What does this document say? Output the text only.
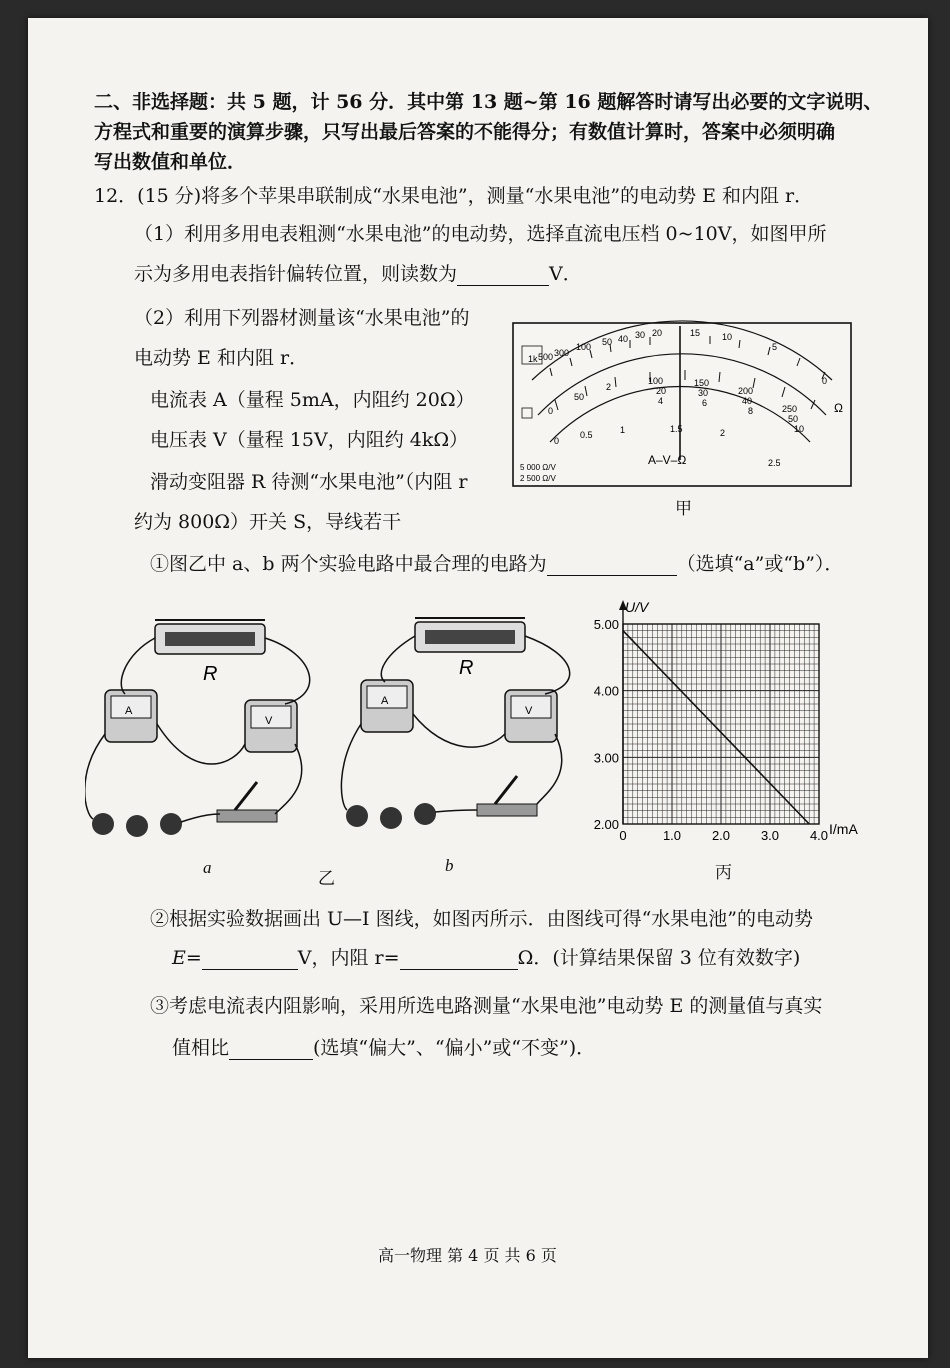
二、非选择题：共 5 题，计 56 分．其中第 13 题~第 16 题解答时请写出必要的文字说明、
方程式和重要的演算步骤，只写出最后答案的不能得分；有数值计算时，答案中必须明确
写出数值和单位．
12．(15 分)将多个苹果串联制成“水果电池”，测量“水果电池”的电动势 E 和内阻 r．
（1）利用多用电表粗测“水果电池”的电动势，选择直流电压档 0~10V，如图甲所
示为多用电表指针偏转位置，则读数为	V．
（2）利用下列器材测量该“水果电池”的
电动势 E 和内阻 r．
电流表 A（量程 5mA，内阻约 20Ω）
电压表 V（量程 15V，内阻约 4kΩ）
滑动变阻器 R 待测“水果电池”（内阻 r
约为 800Ω）开关 S，导线若干
1k 500 300
100 50 40 30 20	15 10
5
0
Ω
0
50
2
100
20
4
150
30
6
200
40
8	250
50
10
0
0.5	1	1.5	2
2.5
A–V–Ω
5 000 Ω/V
2 500 Ω/V
甲
①图乙中 a、b 两个实验电路中最合理的电路为	（选填“a”或“b”）．
R
A
V
R
A
V
a	b
乙
2.00
3.00
4.00
5.00
0	1.0 2.0 3.0 4.0
U/V
I/mA
丙
②根据实验数据画出 U—I 图线，如图丙所示．由图线可得“水果电池”的电动势
E=	V，内阻 r=	Ω．(计算结果保留 3 位有效数字)
③考虑电流表内阻影响，采用所选电路测量“水果电池”电动势 E 的测量值与真实
值相比	(选填“偏大”、“偏小”或“不变”)．
高一物理 第 4 页 共 6 页
